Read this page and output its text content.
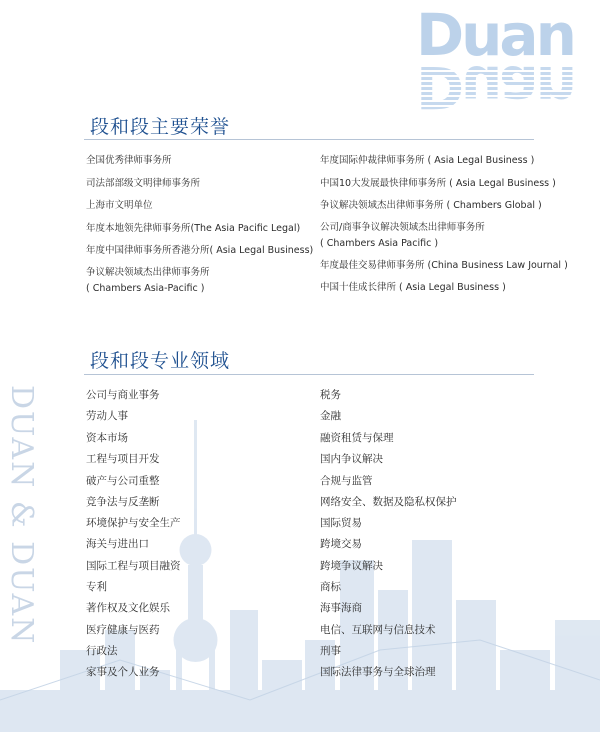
Duan
DUAN & DUAN
段和段主要荣誉
全国优秀律师事务所
司法部部级文明律师事务所
上海市文明单位
年度本地领先律师事务所(The Asia Pacific Legal)
年度中国律师事务所香港分所( Asia Legal Business)
争议解决领域杰出律师事务所
( Chambers Asia-Pacific )
年度国际仲裁律师事务所 ( Asia Legal Business )
中国10大发展最快律师事务所 ( Asia Legal Business )
争议解决领域杰出律师事务所 ( Chambers Global )
公司/商事争议解决领域杰出律师事务所
( Chambers Asia Pacific )
年度最佳交易律师事务所 (China Business Law Journal )
中国十佳成长律所 ( Asia Legal Business )
段和段专业领域
公司与商业事务
劳动人事
资本市场
工程与项目开发
破产与公司重整
竞争法与反垄断
环境保护与安全生产
海关与进出口
国际工程与项目融资
专利
著作权及文化娱乐
医疗健康与医药
行政法
家事及个人业务
税务
金融
融资租赁与保理
国内争议解决
合规与监管
网络安全、数据及隐私权保护
国际贸易
跨境交易
跨境争议解决
商标
海事海商
电信、互联网与信息技术
刑事
国际法律事务与全球治理
